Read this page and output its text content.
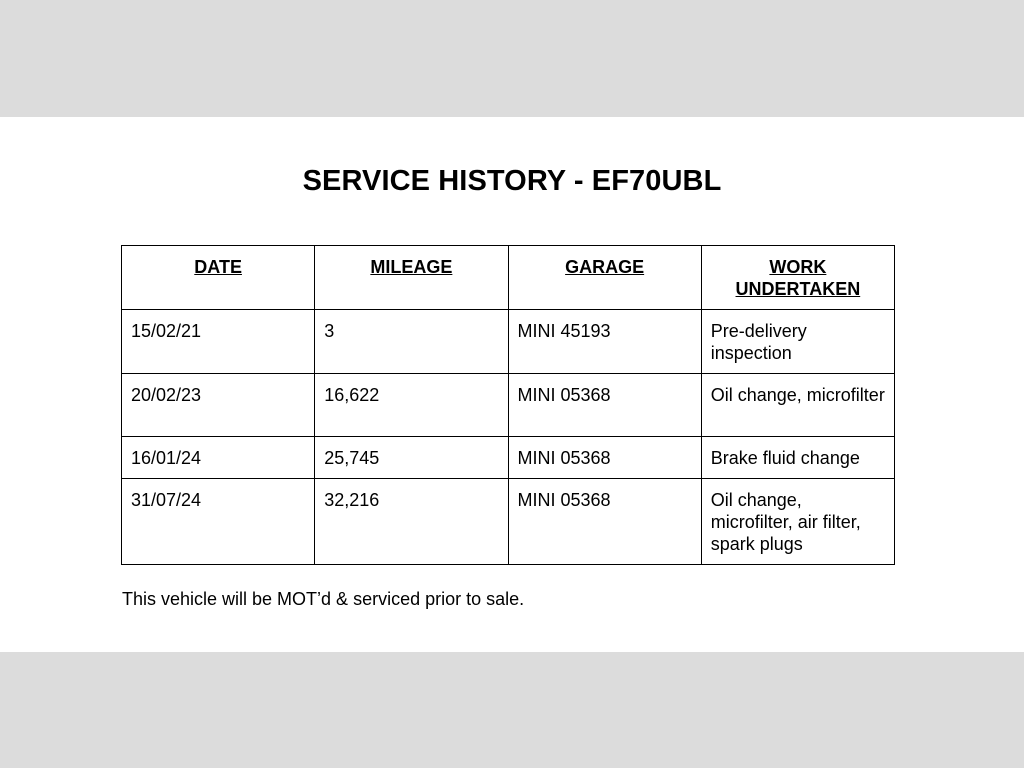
SERVICE HISTORY - EF70UBL
DATE	MILEAGE	GARAGE	WORK UNDERTAKEN
15/02/21	3	MINI 45193	Pre-delivery inspection
20/02/23	16,622	MINI 05368	Oil change, microfilter
16/01/24	25,745	MINI 05368	Brake fluid change
31/07/24	32,216	MINI 05368	Oil change, microfilter, air filter, spark plugs
This vehicle will be MOT’d & serviced prior to sale.
